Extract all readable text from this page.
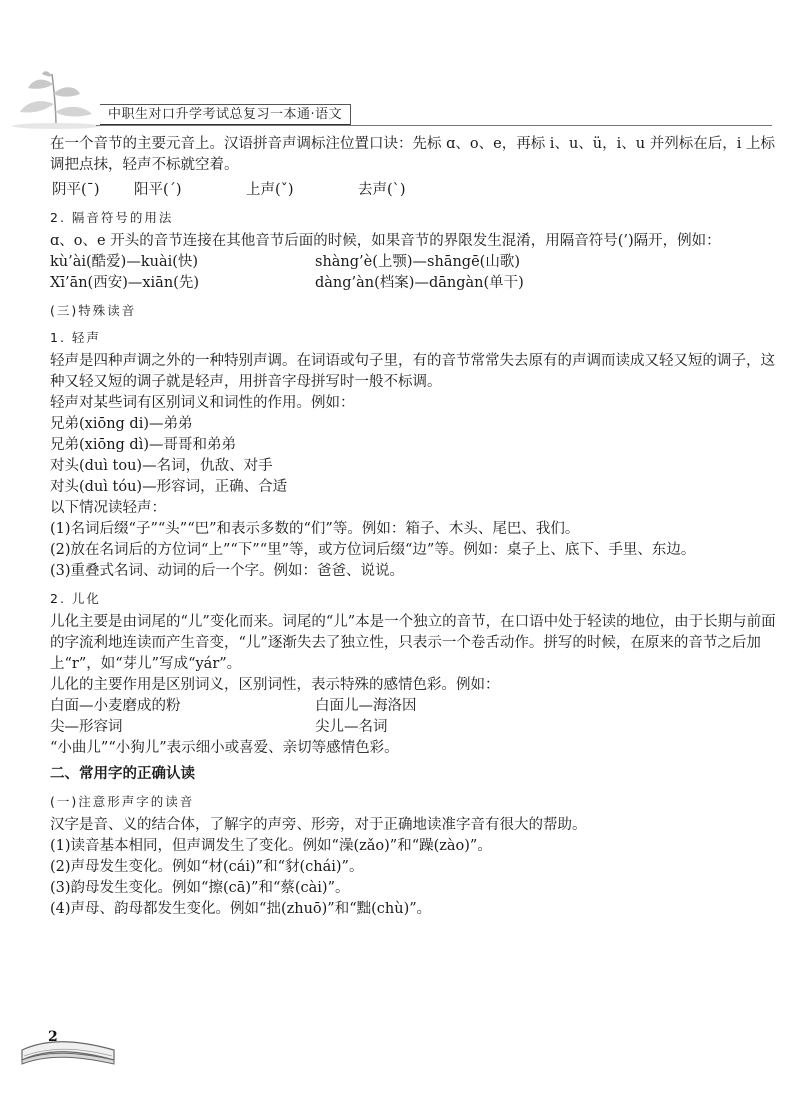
中职生对口升学考试总复习一本通·语文

在一个音节的主要元音上。汉语拼音声调标注位置口诀：先标 ɑ、o、e，再标 i、u、ü，i、u 并列标在后，i 上标调把点抹，轻声不标就空着。

阴平(ˉ)	阳平(ˊ)	上声(ˇ)	去声(ˋ)
2. 隔音符号的用法

ɑ、o、e 开头的音节连接在其他音节后面的时候，如果音节的界限发生混淆，用隔音符号(’)隔开，例如：

kù’ài(酷爱)—kuài(快)	shàng’è(上颚)—shāngē(山歌)
Xī’ān(西安)—xiān(先)	dàng’àn(档案)—dāngàn(单干)
(三)特殊读音
1. 轻声

轻声是四种声调之外的一种特别声调。在词语或句子里，有的音节常常失去原有的声调而读成又轻又短的调子，这种又轻又短的调子就是轻声，用拼音字母拼写时一般不标调。

轻声对某些词有区别词义和词性的作用。例如：

兄弟(xiōng di)—弟弟

兄弟(xiōng dì)—哥哥和弟弟

对头(duì tou)—名词，仇敌、对手

对头(duì tóu)—形容词，正确、合适

以下情况读轻声：

(1)名词后缀“子”“头”“巴”和表示多数的“们”等。例如：箱子、木头、尾巴、我们。

(2)放在名词后的方位词“上”“下”“里”等，或方位词后缀“边”等。例如：桌子上、底下、手里、东边。

(3)重叠式名词、动词的后一个字。例如：爸爸、说说。

2. 儿化

儿化主要是由词尾的“儿”变化而来。词尾的“儿”本是一个独立的音节，在口语中处于轻读的地位，由于长期与前面的字流利地连读而产生音变，“儿”逐渐失去了独立性，只表示一个卷舌动作。拼写的时候，在原来的音节之后加上“r”，如“芽儿”写成“yár”。

儿化的主要作用是区别词义，区别词性，表示特殊的感情色彩。例如：

白面—小麦磨成的粉	白面儿—海洛因
尖—形容词	尖儿—名词

“小曲儿”“小狗儿”表示细小或喜爱、亲切等感情色彩。

二、常用字的正确认读
(一)注意形声字的读音

汉字是音、义的结合体，了解字的声旁、形旁，对于正确地读准字音有很大的帮助。

(1)读音基本相同，但声调发生了变化。例如“澡(zǎo)”和“躁(zào)”。

(2)声母发生变化。例如“材(cái)”和“豺(chái)”。

(3)韵母发生变化。例如“擦(cā)”和“蔡(cài)”。

(4)声母、韵母都发生变化。例如“拙(zhuō)”和“黜(chù)”。

2
